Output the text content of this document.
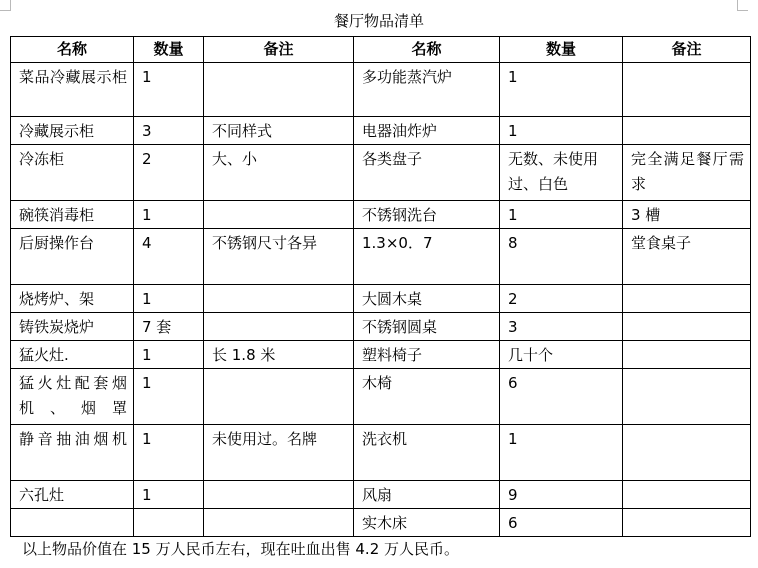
餐厅物品清单
名称	数量	备注	名称	数量	备注
菜品冷藏展示柜	1		多功能蒸汽炉	1	
冷藏展示柜	3	不同样式	电器油炸炉	1	
冷冻柜	2	大、小	各类盘子	无数、未使用过、白色	完全满足餐厅需求
碗筷消毒柜	1		不锈钢洗台	1	3 槽
后厨操作台	4	不锈钢尺寸各异	1.3×0．7	8	堂食桌子
烧烤炉、架	1		大圆木桌	2	
铸铁炭烧炉	7 套		不锈钢圆桌	3	
猛火灶.	1	长 1.8 米	塑料椅子	几十个	
猛火灶配套烟机、烟罩	1		木椅	6	
静音抽油烟机	1	未使用过。名牌	洗衣机	1	
六孔灶	1		风扇	9	
			实木床	6	
以上物品价值在 15 万人民币左右，现在吐血出售 4.2 万人民币。
